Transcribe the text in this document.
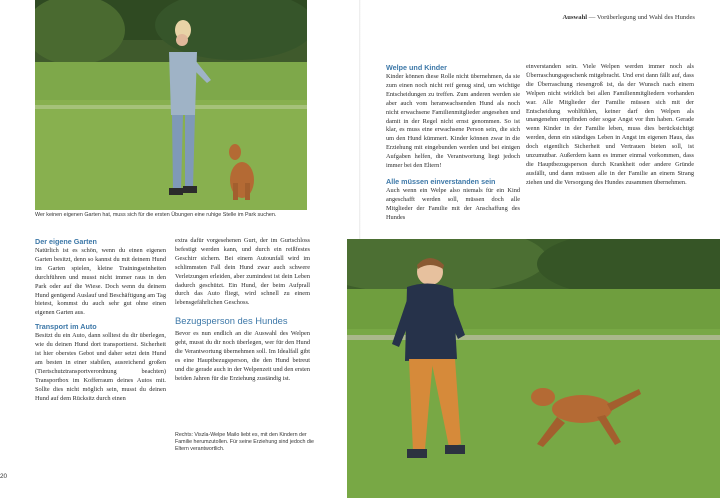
Wer keinen eigenen Garten hat, muss sich für die ersten Übungen eine ruhige Stelle im Park suchen.
Auswahl — Vorüberlegung und Wahl des Hundes
Welpe und Kinder

Kinder können diese Rolle nicht übernehmen, da sie zum einen noch nicht reif genug sind, um wichtige Entscheidungen zu treffen. Zum anderen werden sie aber auch vom heranwachsenden Hund als noch nicht erwachsene Familienmitglieder angesehen und damit in der Regel nicht ernst genommen. So ist klar, es muss eine erwachsene Person sein, die sich um den Hund kümmert. Kinder können zwar in die Erziehung mit eingebunden werden und bei einigen Aufgaben helfen, die Verantwortung liegt jedoch immer bei den Eltern!

Alle müssen einverstanden sein

Auch wenn ein Welpe also niemals für ein Kind angeschafft werden soll, müssen doch alle Mitglieder der Familie mit der Anschaffung des Hundes

einverstanden sein. Viele Welpen werden immer noch als Überraschungsgeschenk mitgebracht. Und erst dann fällt auf, dass die Überraschung riesengroß ist, da der Wunsch nach einem Welpen nicht wirklich bei allen Familienmitgliedern vorhanden war. Alle Mitglieder der Familie müssen sich mit der Entscheidung wohlfühlen, keiner darf den Welpen als unangenehm empfinden oder sogar Angst vor ihm haben. Gerade wenn Kinder in der Familie leben, muss dies berücksichtigt werden, denn ein ständiges Leben in Angst im eigenen Haus, das doch eigentlich Sicherheit und Vertrauen bieten soll, ist unzumutbar. Außerdem kann es immer einmal vorkommen, dass die Hauptbezugsperson durch Krankheit oder andere Gründe ausfällt, und dann müssen alle in der Familie an einem Strang ziehen und die Versorgung des Hundes zusammen übernehmen.

Der eigene Garten

Natürlich ist es schön, wenn du einen eigenen Garten besitzt, denn so kannst du mit deinem Hund im Garten spielen, kleine Trainingseinheiten durchführen und musst nicht immer raus in den Park oder auf die Wiese. Doch wenn du deinem Hund genügend Auslauf und Beschäftigung am Tag bietest, kommst du auch sehr gut ohne einen eigenen Garten aus.

Transport im Auto

Besitzt du ein Auto, dann solltest du dir überlegen, wie du deinen Hund dort transportierst. Sicherheit ist hier oberstes Gebot und daher setzt dein Hund am besten in einer stabilen, ausreichend großen (Tiertschutztransportverordnung beachten) Transportbox im Kofferraum deines Autos mit. Sollte dies nicht möglich sein, musst du deinen Hund auf dem Rücksitz durch einen

extra dafür vorgesehenen Gurt, der im Gurtschloss befestigt werden kann, und durch ein reißfestes Geschirr sichern. Bei einem Autounfall wird im schlimmsten Fall dein Hund zwar auch schwere Verletzungen erleiden, aber zumindest ist dein Leben dadurch geschützt. Ein Hund, der beim Aufprall durch das Auto fliegt, wird schnell zu einem lebensgefährlichen Geschoss.

Bezugsperson des Hundes

Bevor es nun endlich an die Auswahl des Welpen geht, musst du dir noch überlegen, wer für den Hund die Verantwortung übernehmen soll. Im Idealfall gibt es eine Hauptbezugsperson, die den Hund betreut und die gerade auch in der Welpenzeit und den ersten beiden Jahren für die Erziehung zuständig ist.

Rechts: Viszla-Welpe Mailo liebt es, mit den Kindern der Familie herumzutollen. Für seine Erziehung sind jedoch die Eltern verantwortlich.
20
